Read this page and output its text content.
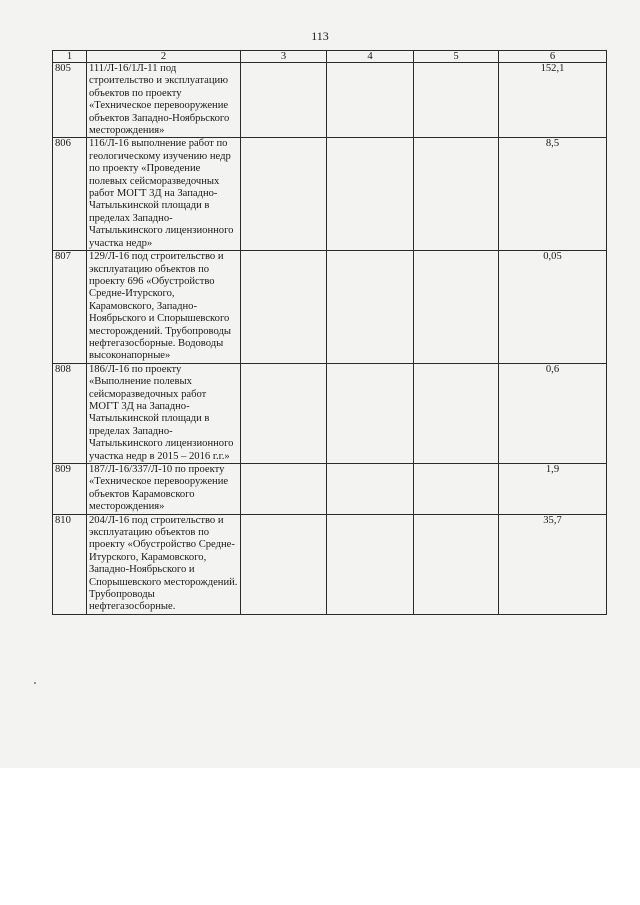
113
1	2	3	4	5	6
805	111/Л-16/1Л-11 под строительство и эксплуатацию объектов по проекту «Техническое перевооружение объектов Западно-Ноябрьского месторождения»				152,1
806	116/Л-16 выполнение работ по геологическому изучению недр по проекту «Проведение полевых сейсморазведочных работ МОГТ 3Д на Западно-Чатылькинской площади в пределах Западно-Чатылькинского лицензионного участка недр»				8,5
807	129/Л-16 под строительство и эксплуатацию объектов по проекту 696 «Обустройство Средне-Итурского, Карамовского, Западно-Ноябрьского и Спорышевского месторождений. Трубопроводы нефтегазосборные. Водоводы высоконапорные»				0,05
808	186/Л-16 по проекту «Выполнение полевых сейсморазведочных работ МОГТ 3Д на Западно-Чатылькинской площади в пределах Западно-Чатылькинского лицензионного участка недр в 2015 – 2016 г.г.»				0,6
809	187/Л-16/337/Л-10 по проекту «Техническое перевооружение объектов Карамовского месторождения»				1,9
810	204/Л-16 под строительство и эксплуатацию объектов по проекту «Обустройство Средне-Итурского, Карамовского, Западно-Ноябрьского и Спорышевского месторождений. Трубопроводы нефтегазосборные.				35,7
